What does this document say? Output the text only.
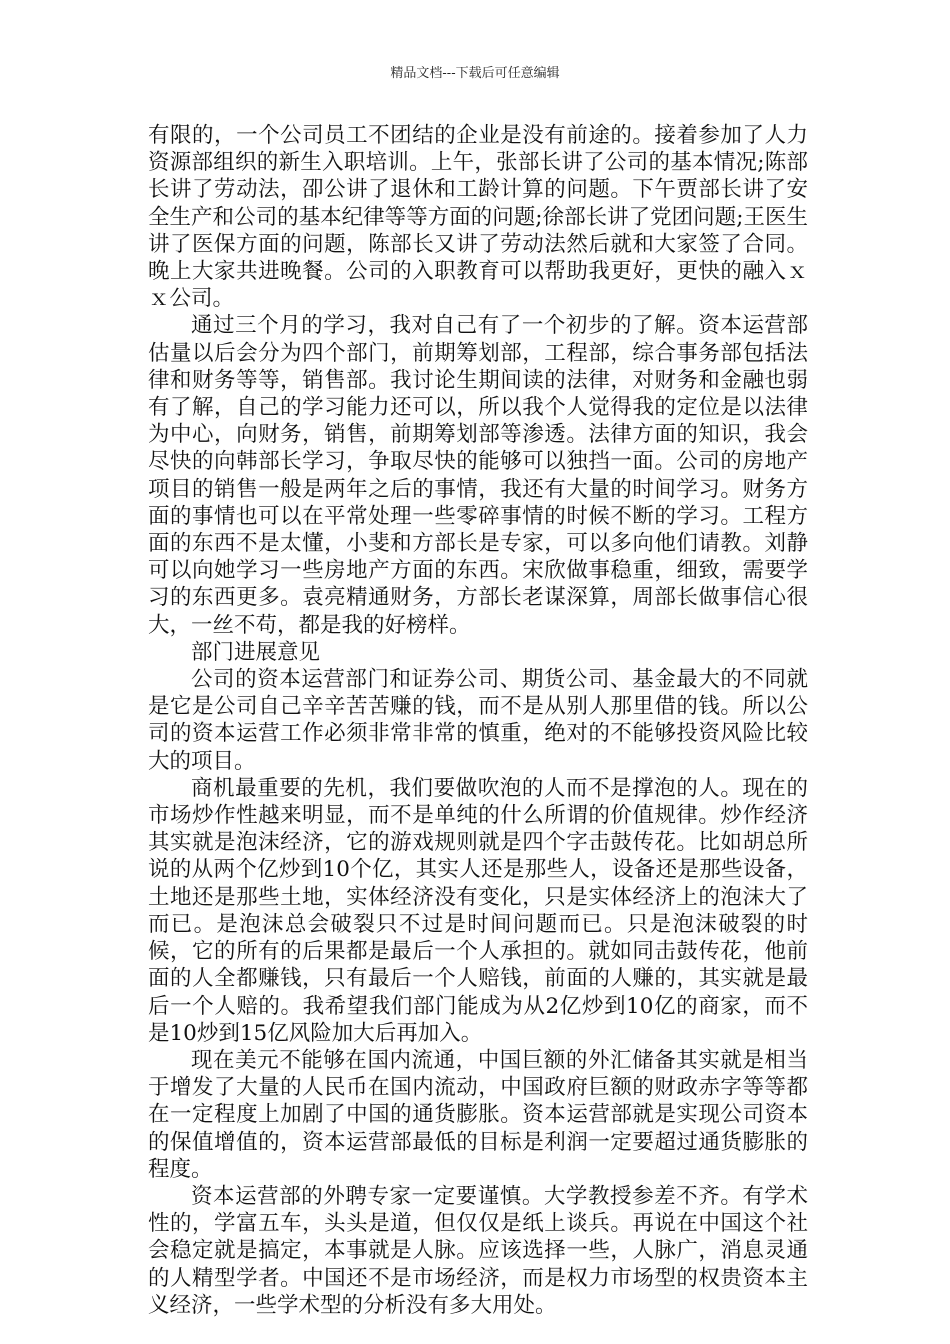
精品文档---下载后可任意编辑

有限的，一个公司员工不团结的企业是没有前途的。接着参加了人力资源部组织的新生入职培训。上午，张部长讲了公司的基本情况;陈部长讲了劳动法，卲公讲了退休和工龄计算的问题。下午贾部长讲了安全生产和公司的基本纪律等等方面的问题;徐部长讲了党团问题;王医生讲了医保方面的问题，陈部长又讲了劳动法然后就和大家签了合同。晚上大家共进晚餐。公司的入职教育可以帮助我更好，更快的融入ｘｘ公司。

通过三个月的学习，我对自己有了一个初步的了解。资本运营部估量以后会分为四个部门，前期筹划部，工程部，综合事务部包括法律和财务等等，销售部。我讨论生期间读的法律，对财务和金融也弱有了解，自己的学习能力还可以，所以我个人觉得我的定位是以法律为中心，向财务，销售，前期筹划部等渗透。法律方面的知识，我会尽快的向韩部长学习，争取尽快的能够可以独挡一面。公司的房地产项目的销售一般是两年之后的事情，我还有大量的时间学习。财务方面的事情也可以在平常处理一些零碎事情的时候不断的学习。工程方面的东西不是太懂，小斐和方部长是专家，可以多向他们请教。刘静可以向她学习一些房地产方面的东西。宋欣做事稳重，细致，需要学习的东西更多。袁亮精通财务，方部长老谋深算，周部长做事信心很大，一丝不苟，都是我的好榜样。

部门进展意见

公司的资本运营部门和证券公司、期货公司、基金最大的不同就是它是公司自己辛辛苦苦赚的钱，而不是从别人那里借的钱。所以公司的资本运营工作必须非常非常的慎重，绝对的不能够投资风险比较大的项目。

商机最重要的先机，我们要做吹泡的人而不是撑泡的人。现在的市场炒作性越来明显，而不是单纯的什么所谓的价值规律。炒作经济其实就是泡沫经济，它的游戏规则就是四个字击鼓传花。比如胡总所说的从两个亿炒到10个亿，其实人还是那些人，设备还是那些设备，土地还是那些土地，实体经济没有变化，只是实体经济上的泡沫大了而已。是泡沫总会破裂只不过是时间问题而已。只是泡沫破裂的时候，它的所有的后果都是最后一个人承担的。就如同击鼓传花，他前面的人全都赚钱，只有最后一个人赔钱，前面的人赚的，其实就是最后一个人赔的。我希望我们部门能成为从2亿炒到10亿的商家，而不是10炒到15亿风险加大后再加入。

现在美元不能够在国内流通，中国巨额的外汇储备其实就是相当于增发了大量的人民币在国内流动，中国政府巨额的财政赤字等等都在一定程度上加剧了中国的通货膨胀。资本运营部就是实现公司资本的保值增值的，资本运营部最低的目标是利润一定要超过通货膨胀的程度。

资本运营部的外聘专家一定要谨慎。大学教授参差不齐。有学术性的，学富五车，头头是道，但仅仅是纸上谈兵。再说在中国这个社会稳定就是搞定，本事就是人脉。应该选择一些，人脉广，消息灵通的人精型学者。中国还不是市场经济，而是权力市场型的权贵资本主义经济，一些学术型的分析没有多大用处。
